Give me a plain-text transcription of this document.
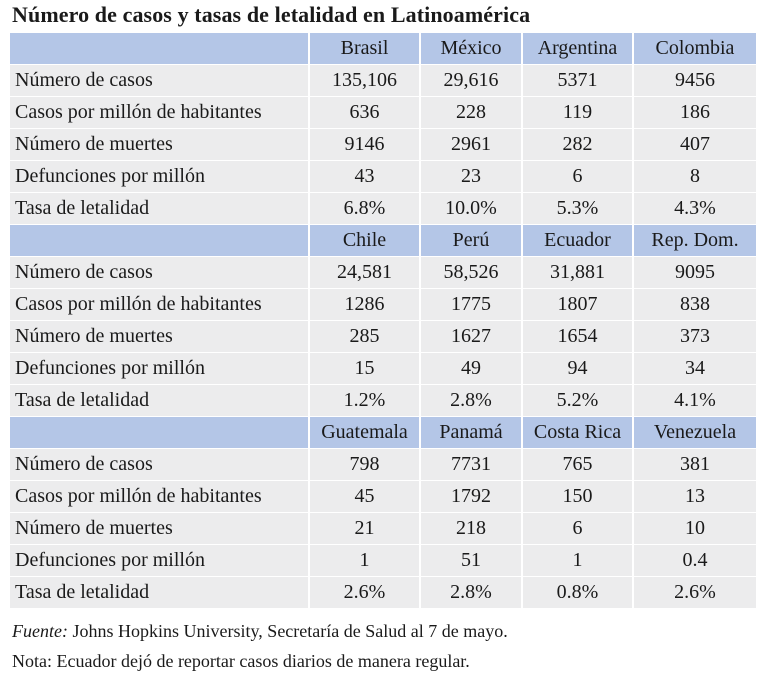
Número de casos y tasas de letalidad en Latinoamérica
	Brasil	México	Argentina	Colombia
Número de casos	135,106	29,616	5371	9456
Casos por millón de habitantes	636	228	119	186
Número de muertes	9146	2961	282	407
Defunciones por millón	43	23	6	8
Tasa de letalidad	6.8%	10.0%	5.3%	4.3%
	Chile	Perú	Ecuador	Rep. Dom.
Número de casos	24,581	58,526	31,881	9095
Casos por millón de habitantes	1286	1775	1807	838
Número de muertes	285	1627	1654	373
Defunciones por millón	15	49	94	34
Tasa de letalidad	1.2%	2.8%	5.2%	4.1%
	Guatemala	Panamá	Costa Rica	Venezuela
Número de casos	798	7731	765	381
Casos por millón de habitantes	45	1792	150	13
Número de muertes	21	218	6	10
Defunciones por millón	1	51	1	0.4
Tasa de letalidad	2.6%	2.8%	0.8%	2.6%
Fuente: Johns Hopkins University, Secretaría de Salud al 7 de mayo.
Nota: Ecuador dejó de reportar casos diarios de manera regular.
